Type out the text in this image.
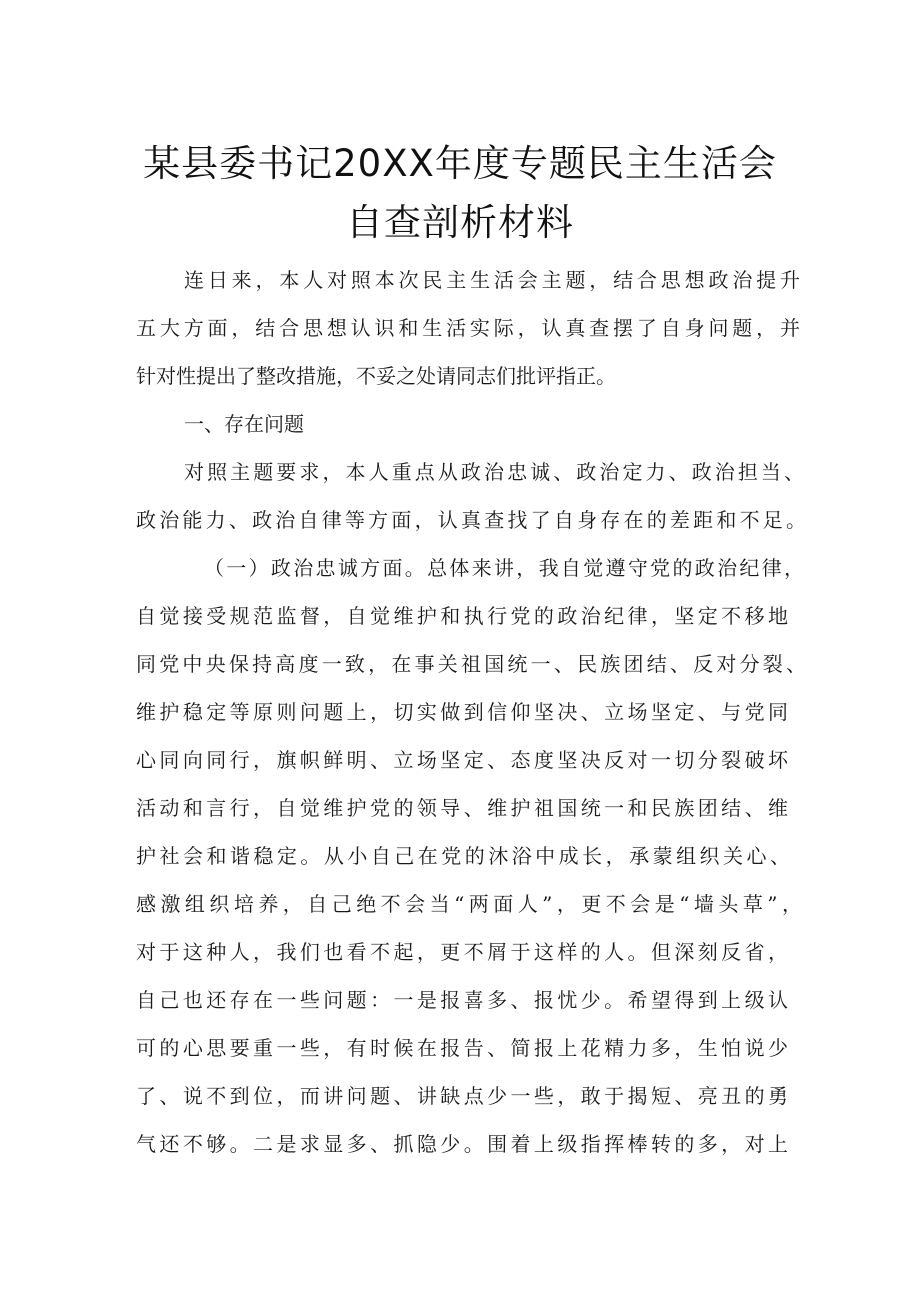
某县委书记20XX年度专题民主生活会
自查剖析材料
连日来，本人对照本次民主生活会主题，结合思想政治提升
五大方面，结合思想认识和生活实际，认真查摆了自身问题，并
针对性提出了整改措施，不妥之处请同志们批评指正。
一、存在问题
对照主题要求，本人重点从政治忠诚、政治定力、政治担当、
政治能力、政治自律等方面，认真查找了自身存在的差距和不足。
（一）政治忠诚方面。总体来讲，我自觉遵守党的政治纪律，
自觉接受规范监督，自觉维护和执行党的政治纪律，坚定不移地
同党中央保持高度一致，在事关祖国统一、民族团结、反对分裂、
维护稳定等原则问题上，切实做到信仰坚决、立场坚定、与党同
心同向同行，旗帜鲜明、立场坚定、态度坚决反对一切分裂破坏
活动和言行，自觉维护党的领导、维护祖国统一和民族团结、维
护社会和谐稳定。从小自己在党的沐浴中成长，承蒙组织关心、
感激组织培养，自己绝不会当“两面人”，更不会是“墙头草”，
对于这种人，我们也看不起，更不屑于这样的人。但深刻反省，
自己也还存在一些问题：一是报喜多、报忧少。希望得到上级认
可的心思要重一些，有时候在报告、简报上花精力多，生怕说少
了、说不到位，而讲问题、讲缺点少一些，敢于揭短、亮丑的勇
气还不够。二是求显多、抓隐少。围着上级指挥棒转的多，对上
